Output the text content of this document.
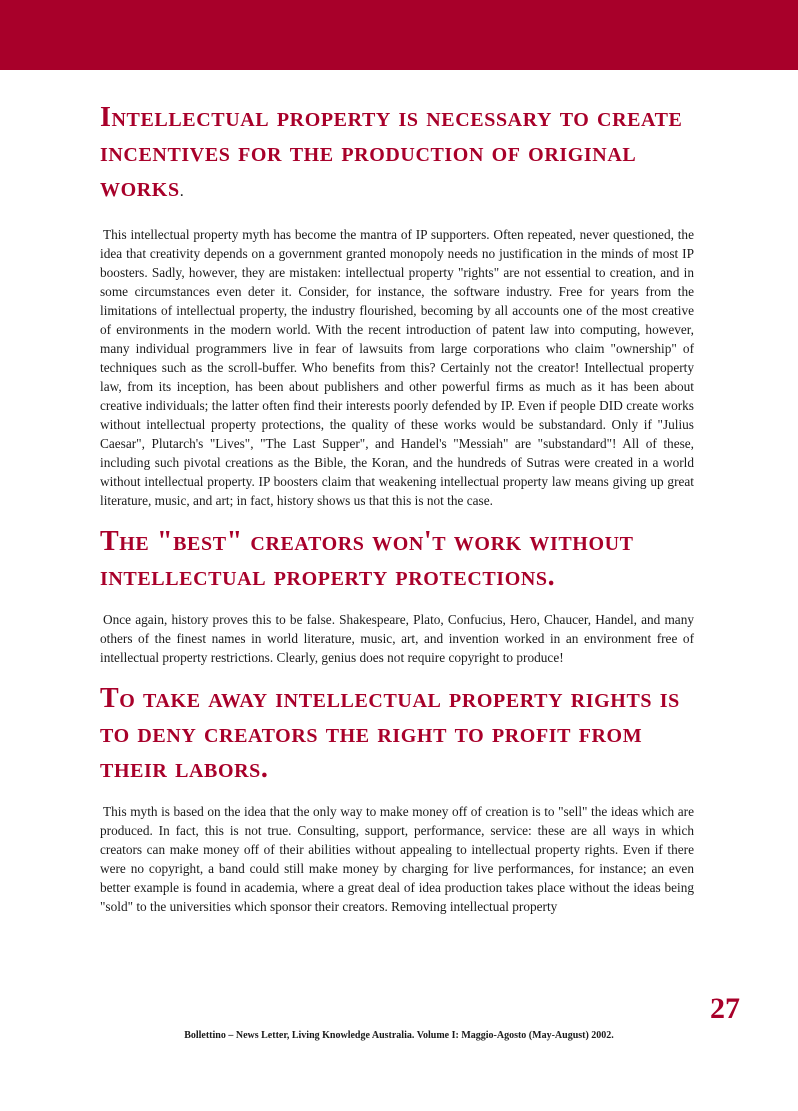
Intellectual property is necessary to create incentives for the production of original works.

This intellectual property myth has become the mantra of IP supporters. Often repeated, never questioned, the idea that creativity depends on a government granted monopoly needs no justification in the minds of most IP boosters. Sadly, however, they are mistaken: intellectual property "rights" are not essential to creation, and in some circumstances even deter it. Consider, for instance, the software industry. Free for years from the limitations of intellectual property, the industry flourished, becoming by all accounts one of the most creative of environments in the modern world. With the recent introduction of patent law into computing, however, many individual programmers live in fear of lawsuits from large corporations who claim "ownership" of techniques such as the scroll-buffer. Who benefits from this? Certainly not the creator! Intellectual property law, from its inception, has been about publishers and other powerful firms as much as it has been about creative individuals; the latter often find their interests poorly defended by IP. Even if people DID create works without intellectual property protections, the quality of these works would be substandard. Only if "Julius Caesar", Plutarch's "Lives", "The Last Supper", and Handel's "Messiah" are "substandard"! All of these, including such pivotal creations as the Bible, the Koran, and the hundreds of Sutras were created in a world without intellectual property. IP boosters claim that weakening intellectual property law means giving up great literature, music, and art; in fact, history shows us that this is not the case.

The "best" creators won't work without intellectual property protections.

Once again, history proves this to be false. Shakespeare, Plato, Confucius, Hero, Chaucer, Handel, and many others of the finest names in world literature, music, art, and invention worked in an environment free of intellectual property restrictions. Clearly, genius does not require copyright to produce!

To take away intellectual property rights is to deny creators the right to profit from their labors.

This myth is based on the idea that the only way to make money off of creation is to "sell" the ideas which are produced. In fact, this is not true. Consulting, support, performance, service: these are all ways in which creators can make money off of their abilities without appealing to intellectual property rights. Even if there were no copyright, a band could still make money by charging for live performances, for instance; an even better example is found in academia, where a great deal of idea production takes place without the ideas being "sold" to the universities which sponsor their creators. Removing intellectual property

27
Bollettino – News Letter, Living Knowledge Australia. Volume I: Maggio-Agosto (May-August) 2002.
